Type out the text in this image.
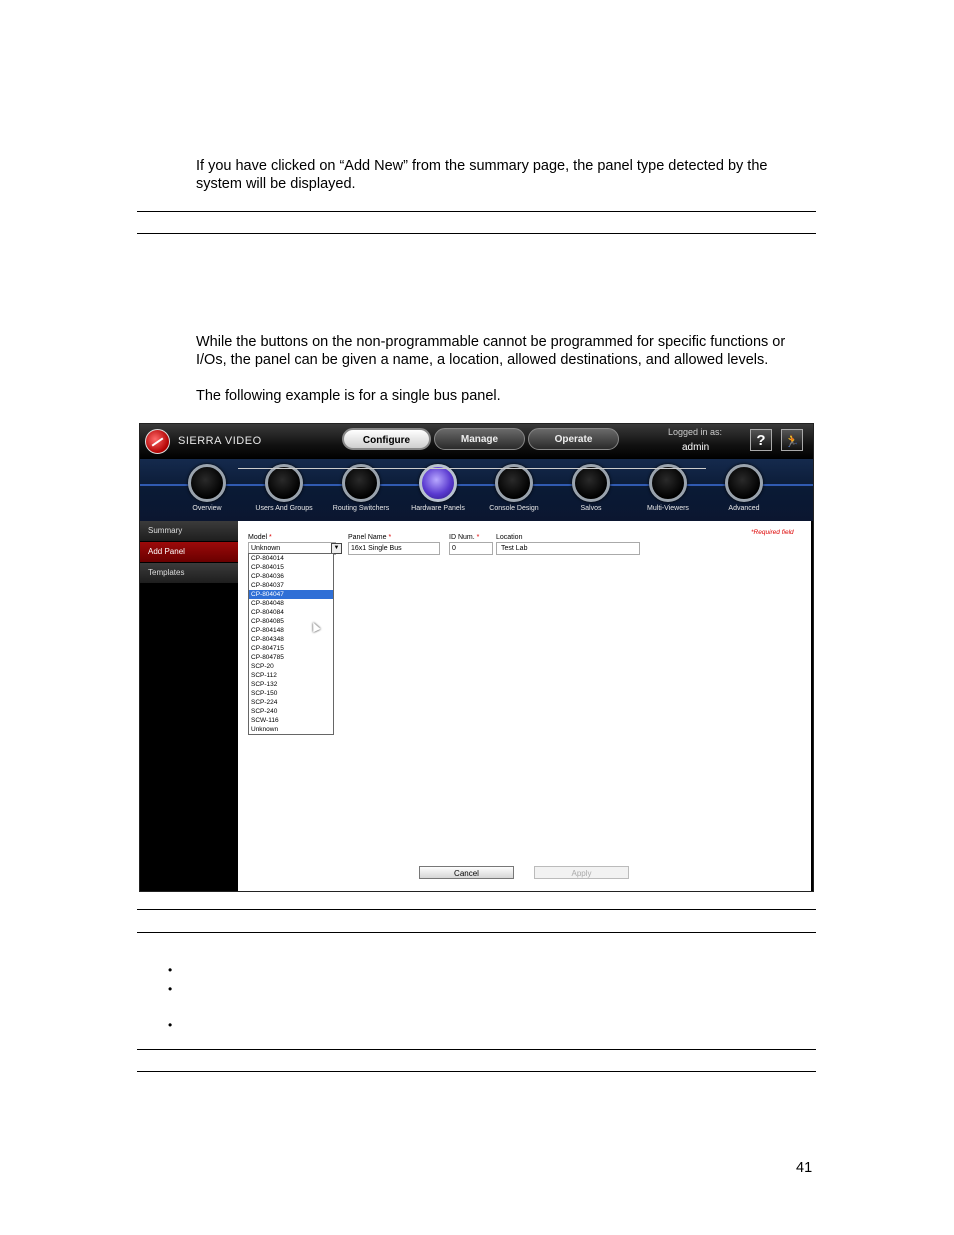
If you have clicked on “Add New” from the summary page, the panel type detected by the system will be displayed.
While the buttons on the non-programmable cannot be programmed for specific functions or I/Os, the panel can be given a name, a location, allowed destinations, and allowed levels.
The following example is for a single bus panel.
SIERRA VIDEO	Configure	Manage	Operate
Logged in as:
admin	?	🏃
Overview	Users And Groups	Routing Switchers	Hardware Panels	Console Design	Salvos	Multi-Viewers	Advanced
Summary
Add Panel
Templates
*Required field
Model *	Panel Name *	ID Num. * Location
Unknown	▼	16x1 Single Bus	0	Test Lab
CP-804014
CP-804015
CP-804036
CP-804037
CP-804047
CP-804048
CP-804084
CP-804085
CP-804148
CP-804348
CP-804715
CP-804785
SCP-20
SCP-112
SCP-132
SCP-150
SCP-224
SCP-240
SCW-116
Unknown
Cancel	Apply
•
•
•
41
